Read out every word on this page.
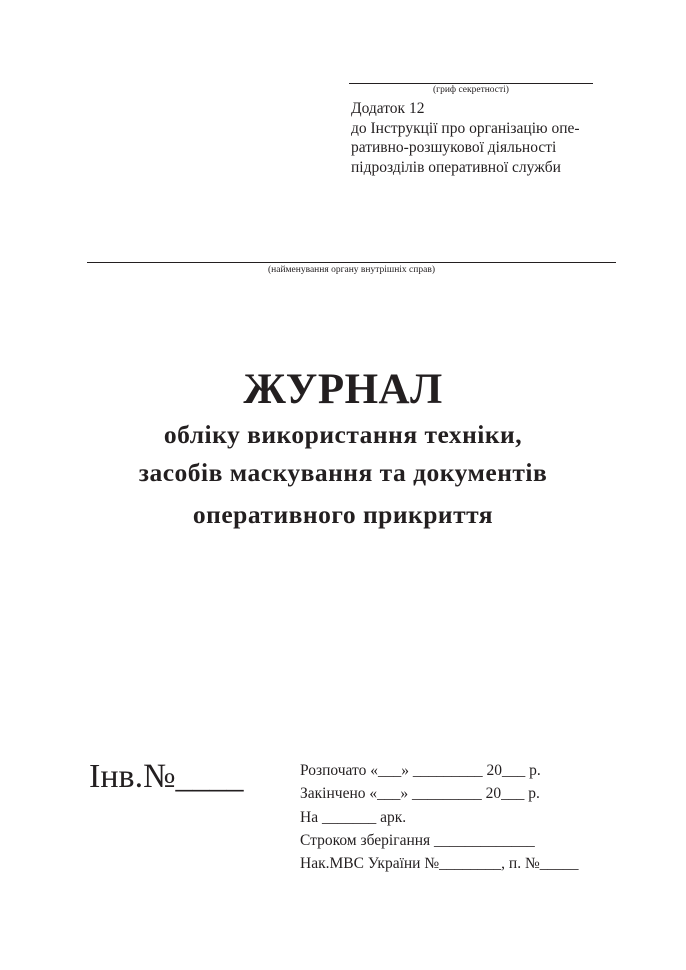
(гриф секретності)
Додаток 12
до Інструкції про організацію опе-
ративно-розшукової діяльності
підрозділів оперативної служби
(найменування органу внутрішніх справ)
ЖУРНАЛ
обліку використання техніки,
засобів маскування та документів
оперативного прикриття
Інв.№____	Розпочато «___» _________ 20___ р.
Закінчено «___» _________ 20___ р.
На _______ арк.
Строком зберігання _____________
Нак.МВС України №________, п. №_____
